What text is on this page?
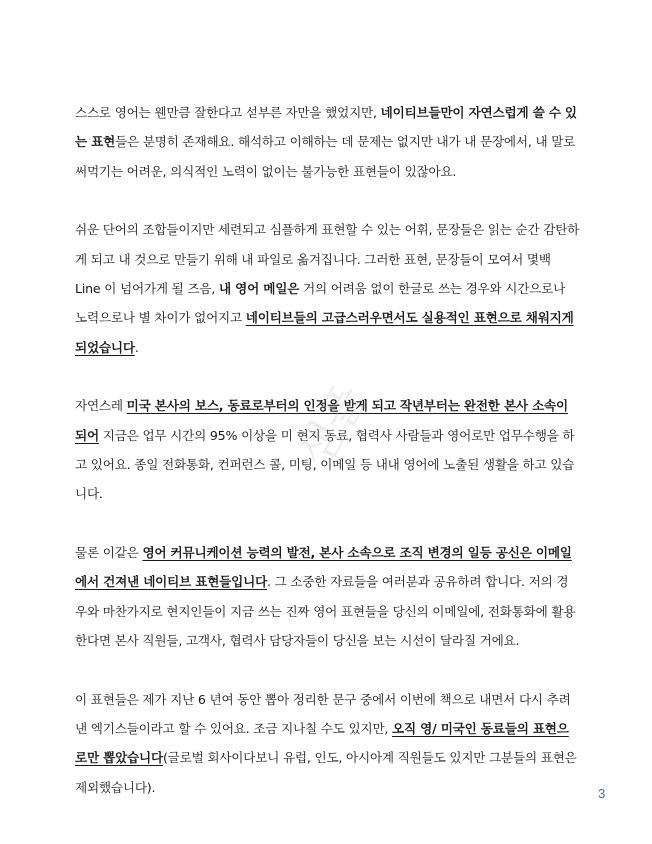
스스로 영어는 웬만큼 잘한다고 섣부른 자만을 했었지만, 네이티브들만이 자연스럽게 쓸 수 있는 표현들은 분명히 존재해요. 해석하고 이해하는 데 문제는 없지만 내가 내 문장에서, 내 말로 써먹기는 어려운, 의식적인 노력이 없이는 불가능한 표현들이 있잖아요.

쉬운 단어의 조합들이지만 세련되고 심플하게 표현할 수 있는 어휘, 문장들은 읽는 순간 감탄하게 되고 내 것으로 만들기 위해 내 파일로 옮겨집니다. 그러한 표현, 문장들이 모여서 몇백 Line 이 넘어가게 될 즈음, 내 영어 메일은 거의 어려움 없이 한글로 쓰는 경우와 시간으로나 노력으로나 별 차이가 없어지고 네이티브들의 고급스러우면서도 실용적인 표현으로 채워지게 되었습니다.

자연스레 미국 본사의 보스, 동료로부터의 인정을 받게 되고 작년부터는 완전한 본사 소속이 되어 지금은 업무 시간의 95% 이상을 미 현지 동료, 협력사 사람들과 영어로만 업무수행을 하고 있어요. 종일 전화통화, 컨퍼런스 콜, 미팅, 이메일 등 내내 영어에 노출된 생활을 하고 있습니다.

물론 이같은 영어 커뮤니케이션 능력의 발전, 본사 소속으로 조직 변경의 일등 공신은 이메일에서 건져낸 네이티브 표현들입니다. 그 소중한 자료들을 여러분과 공유하려 합니다. 저의 경우와 마찬가지로 현지인들이 지금 쓰는 진짜 영어 표현들을 당신의 이메일에, 전화통화에 활용한다면 본사 직원들, 고객사, 협력사 담당자들이 당신을 보는 시선이 달라질 거에요.

이 표현들은 제가 지난 6 년여 동안 뽑아 정리한 문구 중에서 이번에 책으로 내면서 다시 추려낸 엑기스들이라고 할 수 있어요. 조금 지나칠 수도 있지만, 오직 영/ 미국인 동료들의 표현으로만 뽑았습니다(글로벌 회사이다보니 유럽, 인도, 아시아계 직원들도 있지만 그분들의 표현은 제외했습니다).

샘플
3
